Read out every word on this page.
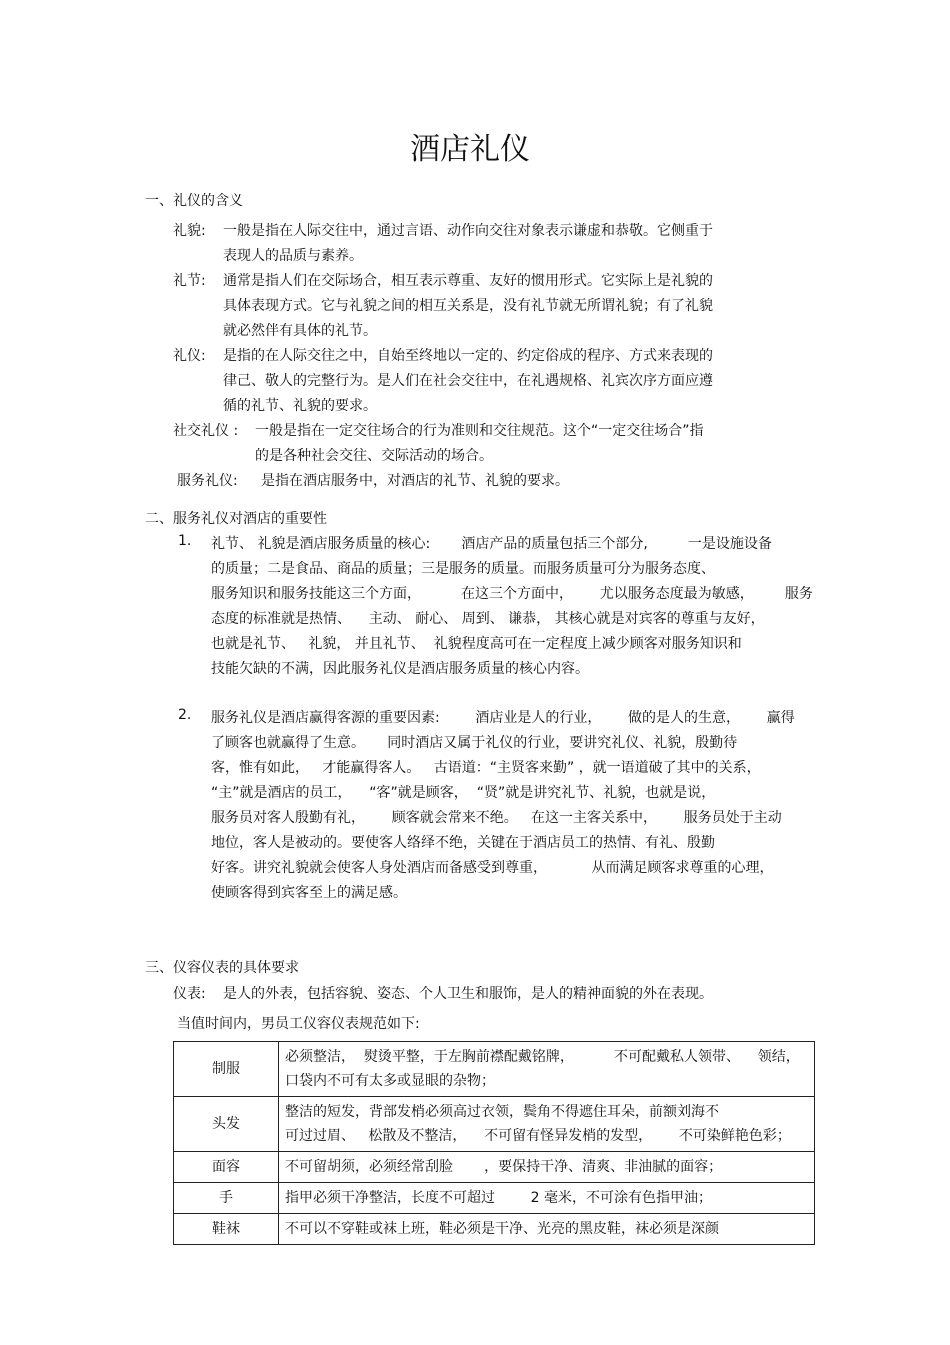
酒店礼仪
一、礼仪的含义
礼貌: 一般是指在人际交往中，通过言语、动作向交往对象表示谦虚和恭敬。它侧重于
表现人的品质与素养。
礼节: 通常是指人们在交际场合，相互表示尊重、友好的惯用形式。它实际上是礼貌的
具体表现方式。它与礼貌之间的相互关系是，没有礼节就无所谓礼貌；有了礼貌
就必然伴有具体的礼节。
礼仪: 是指的在人际交往之中，自始至终地以一定的、约定俗成的程序、方式来表现的
律己、敬人的完整行为。是人们在社会交往中，在礼遇规格、礼宾次序方面应遵
循的礼节、礼貌的要求。
社交礼仪 : 一般是指在一定交往场合的行为准则和交往规范。这个“一定交往场合”指
的是各种社会交往、交际活动的场合。
服务礼仪: 是指在酒店服务中，对酒店的礼节、礼貌的要求。
二、服务礼仪对酒店的重要性
1. 礼节、 礼貌是酒店服务质量的核心:       酒店产品的质量包括三个部分,         一是设施设备
的质量；二是食品、商品的质量；三是服务的质量。而服务质量可分为服务态度、
服务知识和服务技能这三个方面，         在这三个方面中，      尤以服务态度最为敏感，       服务
态度的标准就是热情、    主动、 耐心、 周到、 谦恭， 其核心就是对宾客的尊重与友好，
也就是礼节、   礼貌， 并且礼节、  礼貌程度高可在一定程度上减少顾客对服务知识和
技能欠缺的不满，因此服务礼仪是酒店服务质量的核心内容。
2. 服务礼仪是酒店赢得客源的重要因素:        酒店业是人的行业，      做的是人的生意，      赢得
了顾客也就赢得了生意。     同时酒店又属于礼仪的行业，要讲究礼仪、礼貌，殷勤待
客，惟有如此，   才能赢得客人。   古语道：“主贤客来勤” ，就一语道破了其中的关系，
“主”就是酒店的员工，    “客”就是顾客，  “贤”就是讲究礼节、礼貌，也就是说，
服务员对客人殷勤有礼，      顾客就会常来不绝。   在这一主客关系中，      服务员处于主动
地位，客人是被动的。要使客人络绎不绝，关键在于酒店员工的热情、有礼、殷勤
好客。讲究礼貌就会使客人身处酒店而备感受到尊重，          从而满足顾客求尊重的心理，
使顾客得到宾客至上的满足感。
三、仪容仪表的具体要求
仪表: 是人的外表，包括容貌、姿态、个人卫生和服饰，是人的精神面貌的外在表现。
当值时间内，男员工仪容仪表规范如下:
制服	必须整洁，  熨烫平整，于左胸前襟配戴铭牌，         不可配戴私人领带、    领结，
口袋内不可有太多或显眼的杂物；
头发	整洁的短发，背部发梢必须高过衣领，鬓角不得遮住耳朵，前额刘海不
可过过眉、   松散及不整洁，    不可留有怪异发梢的发型，      不可染鲜艳色彩；
面容	不可留胡须，必须经常刮脸       ，要保持干净、清爽、非油腻的面容；
手	指甲必须干净整洁，长度不可超过        2 毫米，不可涂有色指甲油；
鞋袜	不可以不穿鞋或袜上班，鞋必须是干净、光亮的黑皮鞋，袜必须是深颜
